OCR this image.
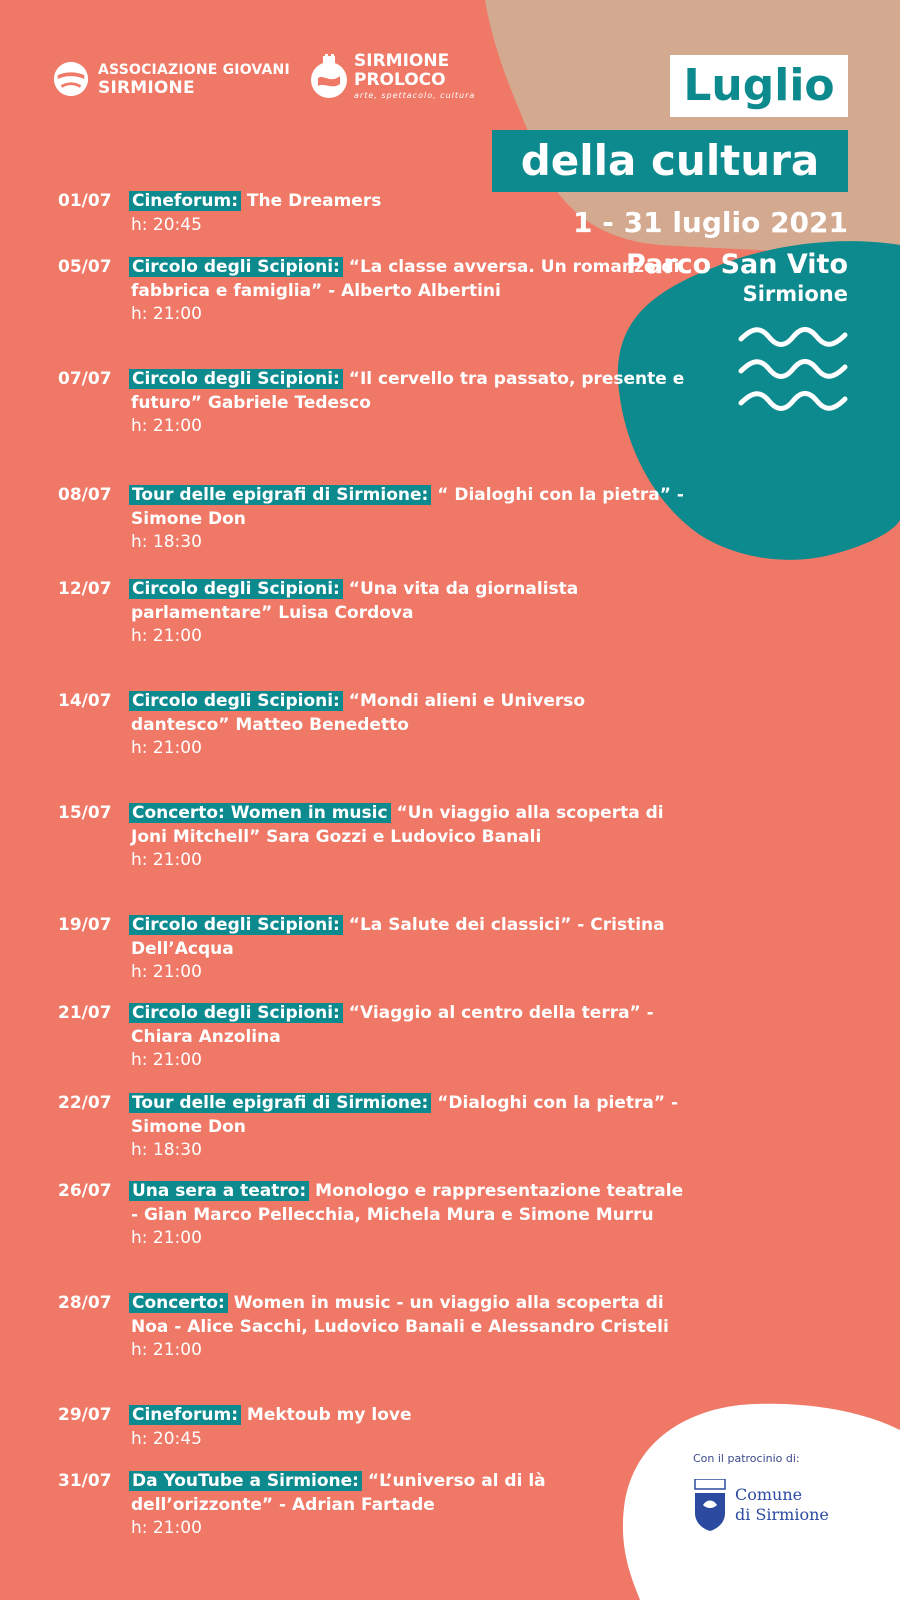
ASSOCIAZIONE GIOVANI
SIRMIONE
SIRMIONE
PROLOCO
arte, spettacolo, cultura	Luglio
della cultura
1 - 31 luglio 2021
Parco San Vito
Sirmione
01/07	Cineforum: The Dreamers
h: 20:45
05/07	Circolo degli Scipioni: “La classe avversa. Un romanzo di fabbrica e famiglia” - Alberto Albertini
h: 21:00
07/07	Circolo degli Scipioni: “Il cervello tra passato, presente e futuro” Gabriele Tedesco
h: 21:00
08/07	Tour delle epigrafi di Sirmione: “ Dialoghi con la pietra” - Simone Don
h: 18:30
12/07	Circolo degli Scipioni: “Una vita da giornalista parlamentare” Luisa Cordova
h: 21:00
14/07	Circolo degli Scipioni: “Mondi alieni e Universo dantesco” Matteo Benedetto
h: 21:00
15/07	Concerto: Women in music “Un viaggio alla scoperta di Joni Mitchell” Sara Gozzi e Ludovico Banali
h: 21:00
19/07	Circolo degli Scipioni: “La Salute dei classici” - Cristina Dell’Acqua
h: 21:00
21/07	Circolo degli Scipioni: “Viaggio al centro della terra” - Chiara Anzolina
h: 21:00
22/07	Tour delle epigrafi di Sirmione: “Dialoghi con la pietra” - Simone Don
h: 18:30
26/07	Una sera a teatro: Monologo e rappresentazione teatrale - Gian Marco Pellecchia, Michela Mura e Simone Murru
h: 21:00
28/07	Concerto: Women in music - un viaggio alla scoperta di Noa - Alice Sacchi, Ludovico Banali e Alessandro Cristeli
h: 21:00
29/07	Cineforum: Mektoub my love
h: 20:45
31/07	Da YouTube a Sirmione: “L’universo al di là dell’orizzonte” - Adrian Fartade
h: 21:00
Con il patrocinio di:
Comune
di Sirmione
